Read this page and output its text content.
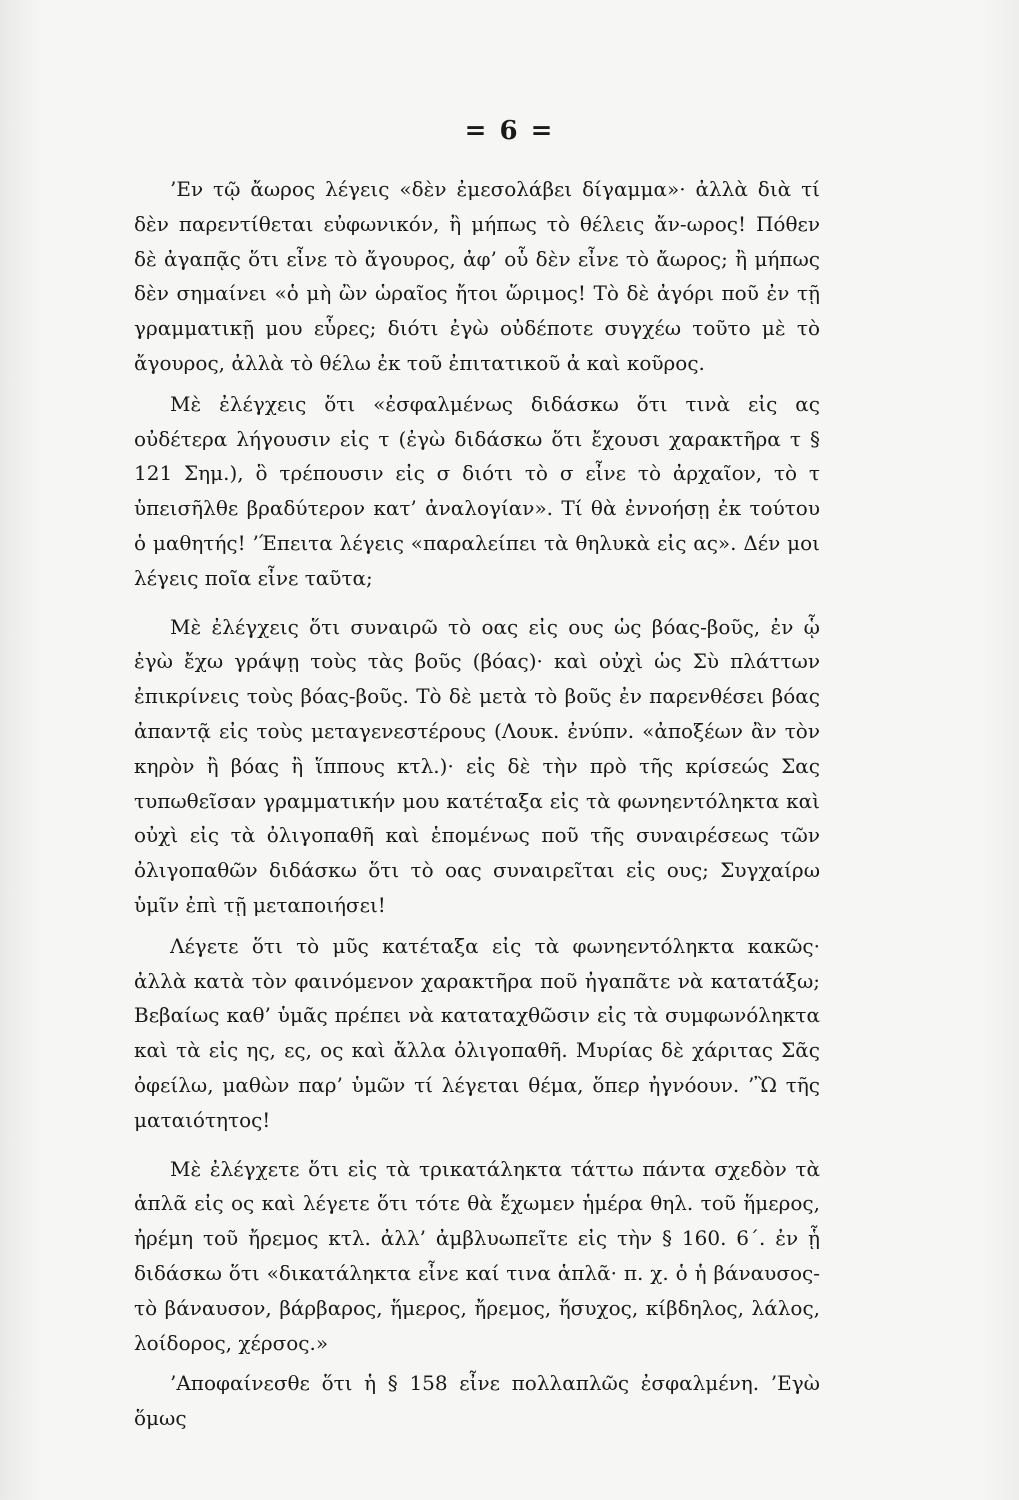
= 6 =

’Εν τῷ ἄωρος λέγεις «δὲν ἐμεσολάβει δίγαμμα»· ἀλλὰ διὰ τί δὲν παρεντίθεται εὐφωνικόν, ἢ μήπως τὸ θέλεις ἄν-ωρος! Πόθεν δὲ ἀγαπᾷς ὅτι εἶνε τὸ ἄγουρος, ἀφ’ οὗ δὲν εἶνε τὸ ἄωρος; ἢ μήπως δὲν σημαίνει «ὁ μὴ ὢν ὡραῖος ἤτοι ὥριμος! Τὸ δὲ ἀγόρι ποῦ ἐν τῇ γραμματικῇ μου εὗρες; διότι ἐγὼ οὐδέποτε συγχέω τοῦτο μὲ τὸ ἄγουρος, ἀλλὰ τὸ θέλω ἐκ τοῦ ἐπιτατικοῦ ἀ καὶ κοῦρος.

Μὲ ἐλέγχεις ὅτι «ἐσφαλμένως διδάσκω ὅτι τινὰ εἰς ας οὐδέτερα λήγουσιν εἰς τ (ἐγὼ διδάσκω ὅτι ἔχουσι χαρακτῆρα τ § 121 Σημ.), ὃ τρέπουσιν εἰς σ διότι τὸ σ εἶνε τὸ ἀρχαῖον, τὸ τ ὑπεισῆλθε βραδύτερον κατ’ ἀναλογίαν». Τί θὰ ἐννοήσῃ ἐκ τούτου ὁ μαθητής! ’Έπειτα λέγεις «παραλείπει τὰ θηλυκὰ εἰς ας». Δέν μοι λέγεις ποῖα εἶνε ταῦτα;

Μὲ ἐλέγχεις ὅτι συναιρῶ τὸ οας εἰς ους ὡς βόας-βοῦς, ἐν ᾧ ἐγὼ ἔχω γράψῃ τοὺς τὰς βοῦς (βόας)· καὶ οὐχὶ ὡς Σὺ πλάττων ἐπικρίνεις τοὺς βόας-βοῦς. Τὸ δὲ μετὰ τὸ βοῦς ἐν παρενθέσει βόας ἀπαντᾷ εἰς τοὺς μεταγενεστέρους (Λουκ. ἐνύπν. «ἀποξέων ἂν τὸν κηρὸν ἢ βόας ἢ ἵππους κτλ.)· εἰς δὲ τὴν πρὸ τῆς κρίσεώς Σας τυπωθεῖσαν γραμματικήν μου κατέταξα εἰς τὰ φωνηεντόληκτα καὶ οὐχὶ εἰς τὰ ὀλιγοπαθῆ καὶ ἑπομένως ποῦ τῆς συναιρέσεως τῶν ὀλιγοπαθῶν διδάσκω ὅτι τὸ οας συναιρεῖται εἰς ους; Συγχαίρω ὑμῖν ἐπὶ τῇ μεταποιήσει!

Λέγετε ὅτι τὸ μῦς κατέταξα εἰς τὰ φωνηεντόληκτα κακῶς· ἀλλὰ κατὰ τὸν φαινόμενον χαρακτῆρα ποῦ ἠγαπᾶτε νὰ κατατάξω; Βεβαίως καθ’ ὑμᾶς πρέπει νὰ καταταχθῶσιν εἰς τὰ συμφωνόληκτα καὶ τὰ εἰς ης, ες, ος καὶ ἄλλα ὀλιγοπαθῆ. Μυρίας δὲ χάριτας Σᾶς ὀφείλω, μαθὼν παρ’ ὑμῶν τί λέγεται θέμα, ὅπερ ἠγνόουν. ’Ὢ τῆς ματαιότητος!

Μὲ ἐλέγχετε ὅτι εἰς τὰ τρικατάληκτα τάττω πάντα σχεδὸν τὰ ἁπλᾶ εἰς ος καὶ λέγετε ὅτι τότε θὰ ἔχωμεν ἡμέρα θηλ. τοῦ ἥμερος, ἠρέμη τοῦ ἤρεμος κτλ. ἀλλ’ ἀμβλυωπεῖτε εἰς τὴν § 160. 6΄. ἐν ᾗ διδάσκω ὅτι «δικατάληκτα εἶνε καί τινα ἁπλᾶ· π. χ. ὁ ἡ βάναυσος-τὸ βάναυσον, βάρβαρος, ἥμερος, ἤρεμος, ἥσυχος, κίβδηλος, λάλος, λοίδορος, χέρσος.»

’Αποφαίνεσθε ὅτι ἡ § 158 εἶνε πολλαπλῶς ἐσφαλμένη. ’Εγὼ ὅμως
